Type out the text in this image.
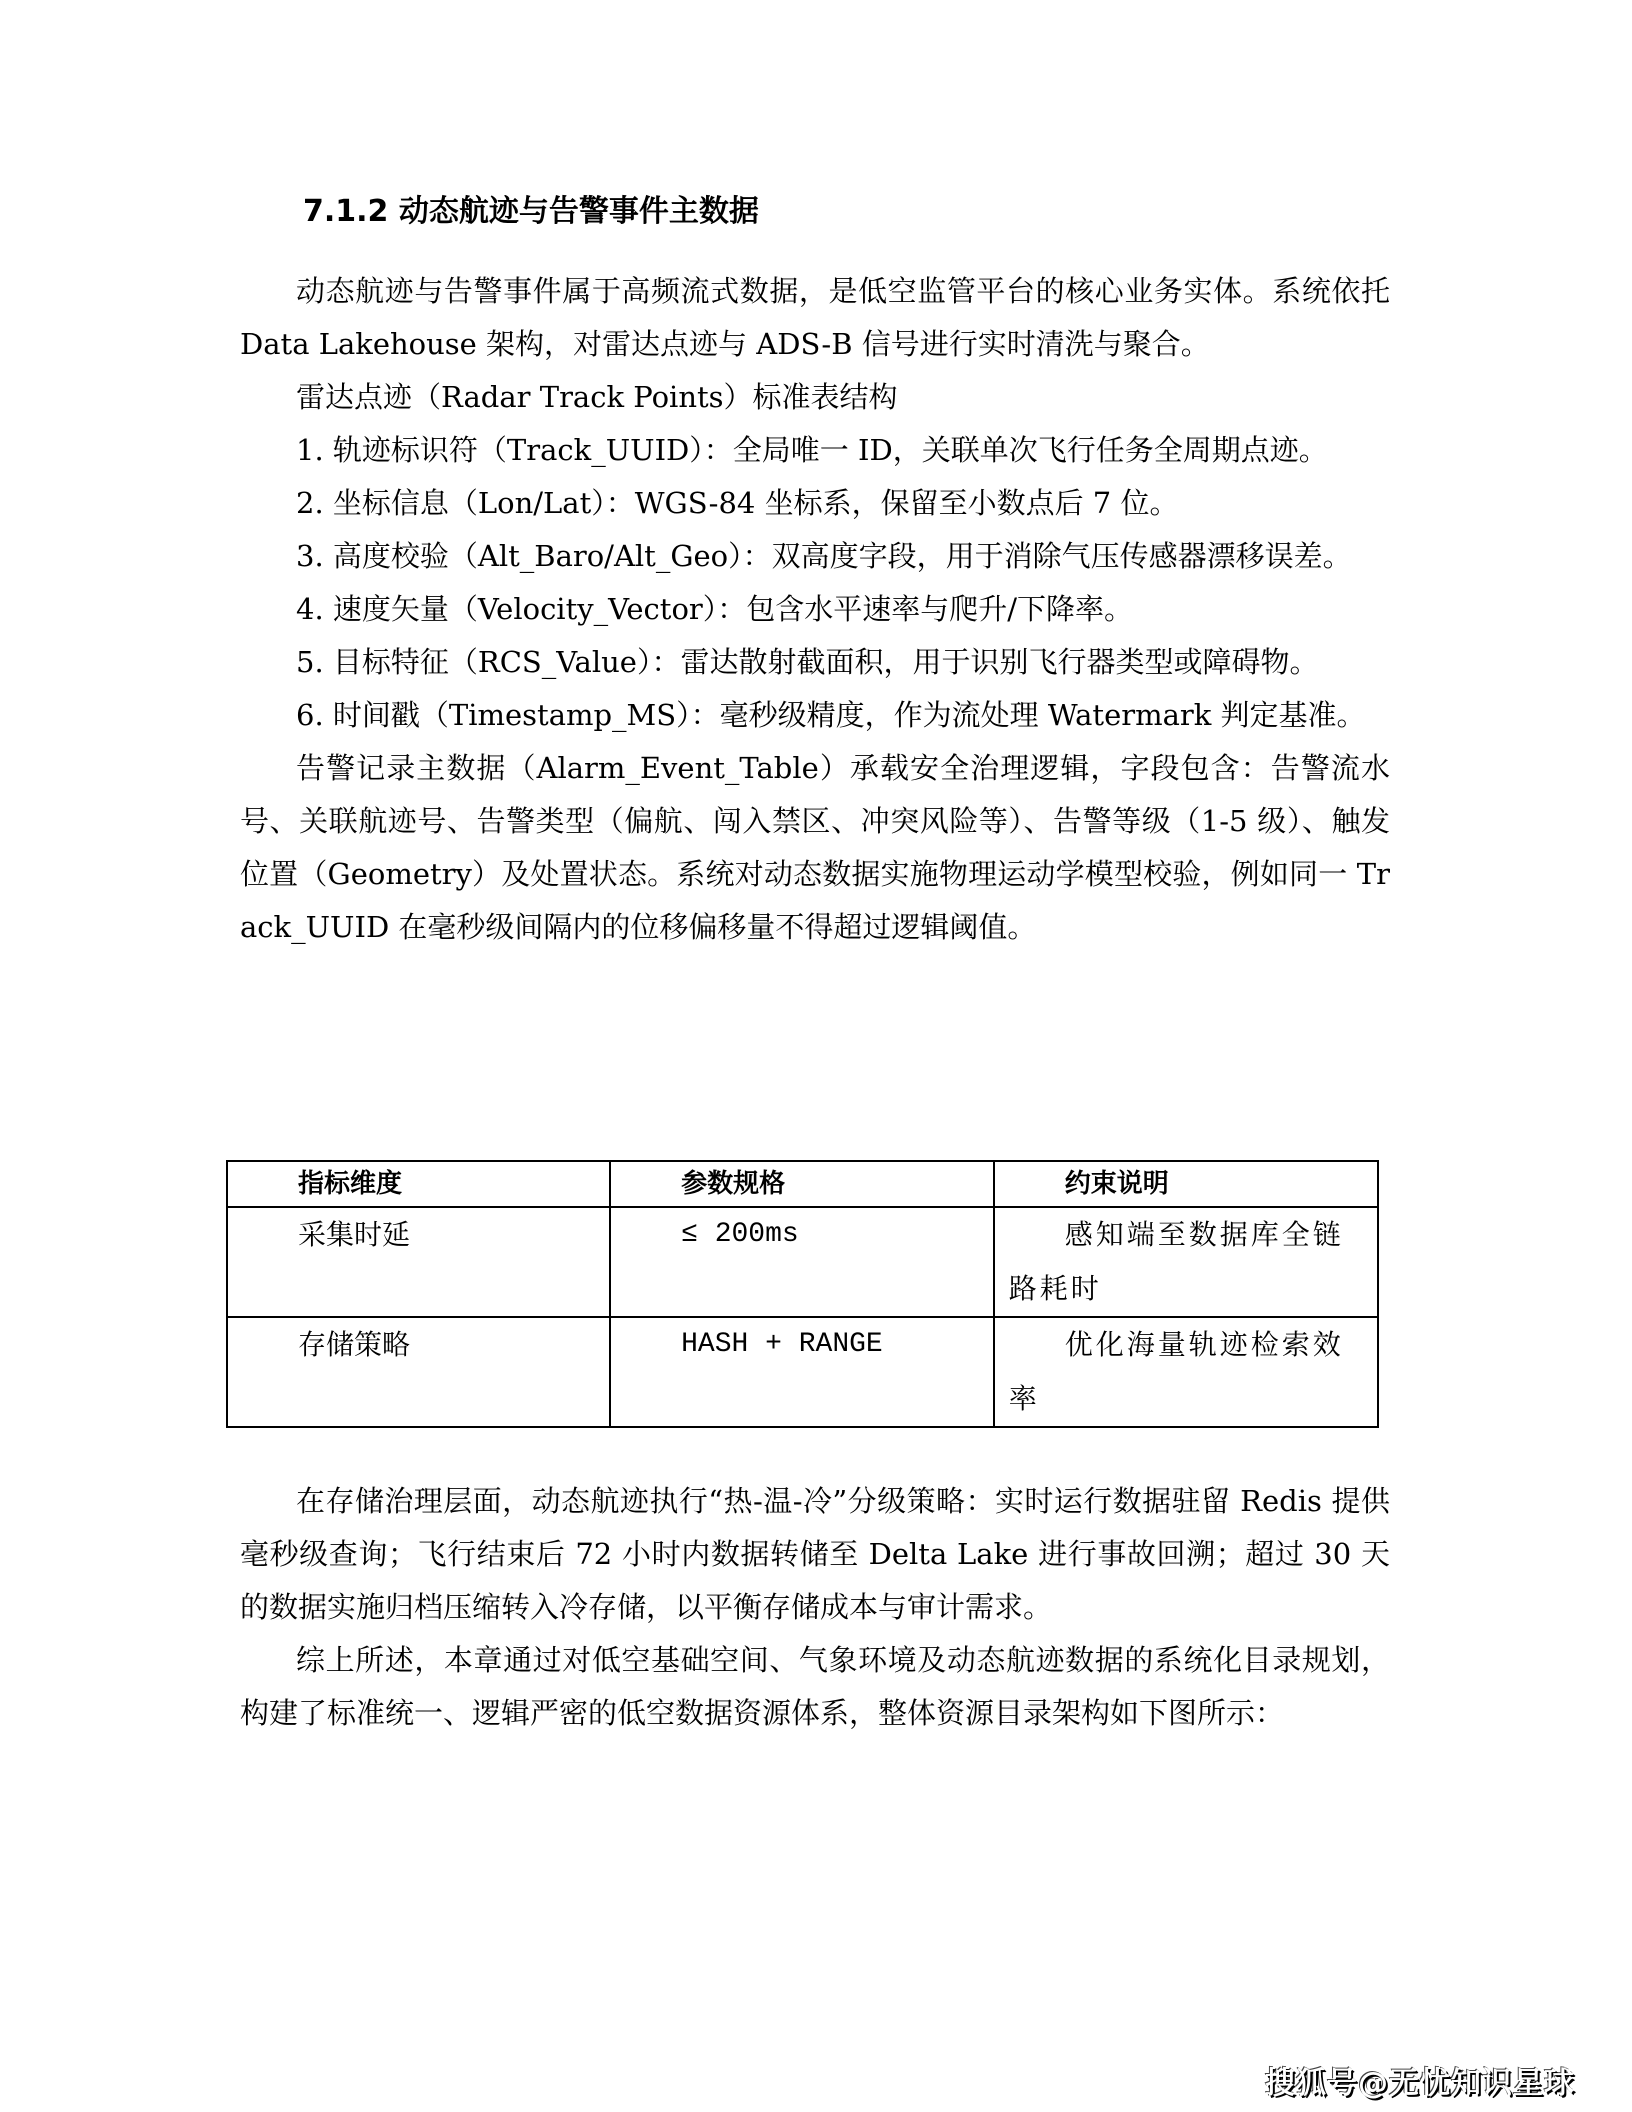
7.1.2 动态航迹与告警事件主数据

动态航迹与告警事件属于高频流式数据，是低空监管平台的核心业务实体。系统依托 Data Lakehouse 架构，对雷达点迹与 ADS-B 信号进行实时清洗与聚合。

雷达点迹（Radar Track Points）标准表结构

1. 轨迹标识符（Track_UUID）：全局唯一 ID，关联单次飞行任务全周期点迹。

2. 坐标信息（Lon/Lat）：WGS-84 坐标系，保留至小数点后 7 位。

3. 高度校验（Alt_Baro/Alt_Geo）：双高度字段，用于消除气压传感器漂移误差。

4. 速度矢量（Velocity_Vector）：包含水平速率与爬升/下降率。

5. 目标特征（RCS_Value）：雷达散射截面积，用于识别飞行器类型或障碍物。

6. 时间戳（Timestamp_MS）：毫秒级精度，作为流处理 Watermark 判定基准。

告警记录主数据（Alarm_Event_Table）承载安全治理逻辑，字段包含：告警流水号、关联航迹号、告警类型（偏航、闯入禁区、冲突风险等）、告警等级（1-5 级）、触发位置（Geometry）及处置状态。系统对动态数据实施物理运动学模型校验，例如同一 Track_UUID 在毫秒级间隔内的位移偏移量不得超过逻辑阈值。

指标维度	参数规格	约束说明

采集时延	≤ 200ms	感知端至数据库全链路耗时

存储策略	HASH + RANGE	优化海量轨迹检索效率

在存储治理层面，动态航迹执行“热-温-冷”分级策略：实时运行数据驻留 Redis 提供毫秒级查询；飞行结束后 72 小时内数据转储至 Delta Lake 进行事故回溯；超过 30 天的数据实施归档压缩转入冷存储，以平衡存储成本与审计需求。

综上所述，本章通过对低空基础空间、气象环境及动态航迹数据的系统化目录规划，构建了标准统一、逻辑严密的低空数据资源体系，整体资源目录架构如下图所示：

搜狐号@无忧知识星球
